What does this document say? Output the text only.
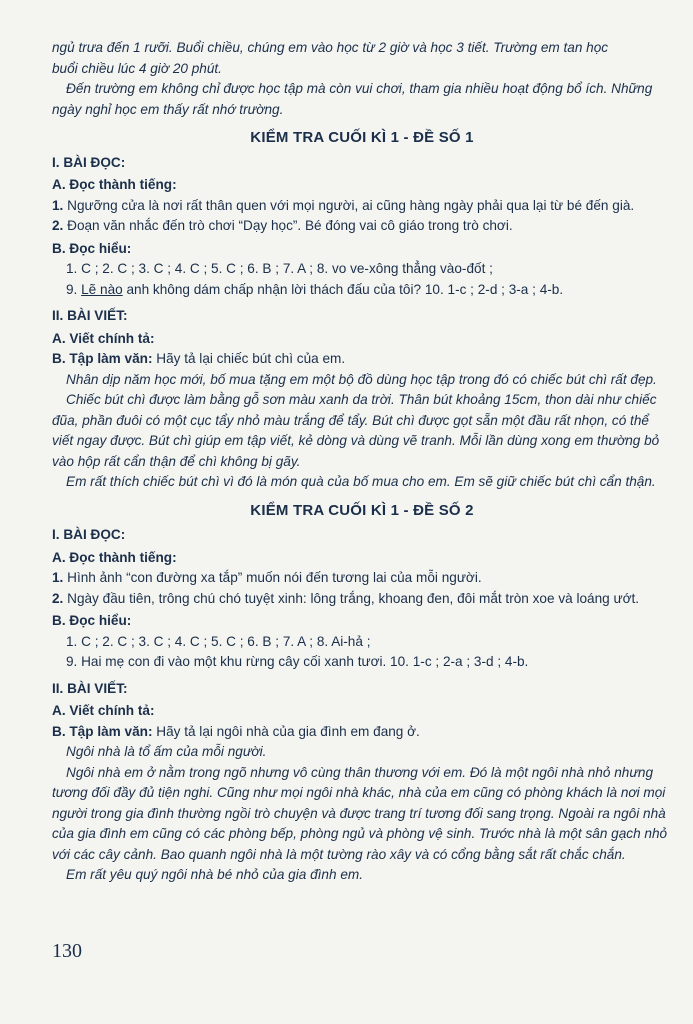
ngủ trưa đến 1 rưỡi. Buổi chiều, chúng em vào học từ 2 giờ và học 3 tiết. Trường em tan học

buổi chiều lúc 4 giờ 20 phút.

Đến trường em không chỉ được học tập mà còn vui chơi, tham gia nhiều hoạt động bổ ích. Những ngày nghỉ học em thấy rất nhớ trường.

KIỂM TRA CUỐI KÌ 1 - ĐỀ SỐ 1
I. BÀI ĐỌC:
A. Đọc thành tiếng:

1. Ngưỡng cửa là nơi rất thân quen với mọi người, ai cũng hàng ngày phải qua lại từ bé đến già.

2. Đoạn văn nhắc đến trò chơi “Dạy học”. Bé đóng vai cô giáo trong trò chơi.

B. Đọc hiểu:

1. C ; 2. C ; 3. C ; 4. C ; 5. C ; 6. B ; 7. A ; 8. vo ve-xông thẳng vào-đốt ;

9. Lẽ nào anh không dám chấp nhận lời thách đấu của tôi? 10. 1-c ; 2-d ; 3-a ; 4-b.

II. BÀI VIẾT:
A. Viết chính tả:

B. Tập làm văn: Hãy tả lại chiếc bút chì của em.

Nhân dịp năm học mới, bố mua tặng em một bộ đồ dùng học tập trong đó có chiếc bút chì rất đẹp.

Chiếc bút chì được làm bằng gỗ sơn màu xanh da trời. Thân bút khoảng 15cm, thon dài như chiếc đũa, phần đuôi có một cục tẩy nhỏ màu trắng để tẩy. Bút chì được gọt sẵn một đầu rất nhọn, có thể viết ngay được. Bút chì giúp em tập viết, kẻ dòng và dùng vẽ tranh. Mỗi lần dùng xong em thường bỏ vào hộp rất cẩn thận để chì không bị gãy.

Em rất thích chiếc bút chì vì đó là món quà của bố mua cho em. Em sẽ giữ chiếc bút chì cẩn thận.

KIỂM TRA CUỐI KÌ 1 - ĐỀ SỐ 2
I. BÀI ĐỌC:
A. Đọc thành tiếng:

1. Hình ảnh “con đường xa tắp” muốn nói đến tương lai của mỗi người.

2. Ngày đầu tiên, trông chú chó tuyệt xinh: lông trắng, khoang đen, đôi mắt tròn xoe và loáng ướt.

B. Đọc hiểu:

1. C ; 2. C ; 3. C ; 4. C ; 5. C ; 6. B ; 7. A ; 8. Ai-hả ;

9. Hai mẹ con đi vào một khu rừng cây cối xanh tươi. 10. 1-c ; 2-a ; 3-d ; 4-b.

II. BÀI VIẾT:
A. Viết chính tả:

B. Tập làm văn: Hãy tả lại ngôi nhà của gia đình em đang ở.

Ngôi nhà là tổ ấm của mỗi người.

Ngôi nhà em ở nằm trong ngõ nhưng vô cùng thân thương với em. Đó là một ngôi nhà nhỏ nhưng tương đối đầy đủ tiện nghi. Cũng như mọi ngôi nhà khác, nhà của em cũng có phòng khách là nơi mọi người trong gia đình thường ngồi trò chuyện và được trang trí tương đối sang trọng. Ngoài ra ngôi nhà của gia đình em cũng có các phòng bếp, phòng ngủ và phòng vệ sinh. Trước nhà là một sân gạch nhỏ với các cây cảnh. Bao quanh ngôi nhà là một tường rào xây và có cổng bằng sắt rất chắc chắn.

Em rất yêu quý ngôi nhà bé nhỏ của gia đình em.

130
